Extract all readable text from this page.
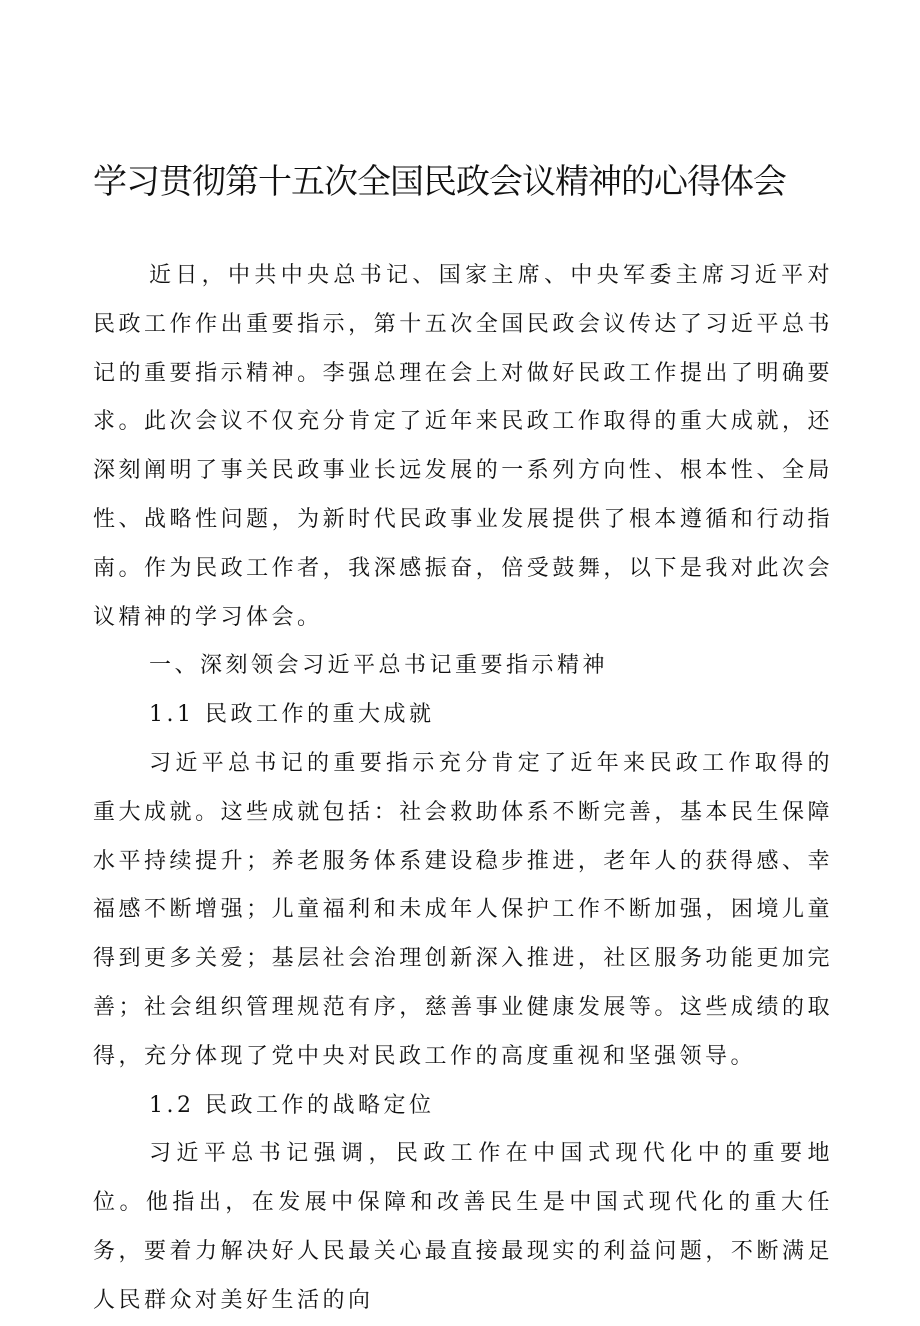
学习贯彻第十五次全国民政会议精神的心得体会

近日，中共中央总书记、国家主席、中央军委主席习近平对民政工作作出重要指示，第十五次全国民政会议传达了习近平总书记的重要指示精神。李强总理在会上对做好民政工作提出了明确要求。此次会议不仅充分肯定了近年来民政工作取得的重大成就，还深刻阐明了事关民政事业长远发展的一系列方向性、根本性、全局性、战略性问题，为新时代民政事业发展提供了根本遵循和行动指南。作为民政工作者，我深感振奋，倍受鼓舞，以下是我对此次会议精神的学习体会。

一、深刻领会习近平总书记重要指示精神

1.1 民政工作的重大成就

习近平总书记的重要指示充分肯定了近年来民政工作取得的重大成就。这些成就包括：社会救助体系不断完善，基本民生保障水平持续提升；养老服务体系建设稳步推进，老年人的获得感、幸福感不断增强；儿童福利和未成年人保护工作不断加强，困境儿童得到更多关爱；基层社会治理创新深入推进，社区服务功能更加完善；社会组织管理规范有序，慈善事业健康发展等。这些成绩的取得，充分体现了党中央对民政工作的高度重视和坚强领导。

1.2 民政工作的战略定位

习近平总书记强调，民政工作在中国式现代化中的重要地位。他指出，在发展中保障和改善民生是中国式现代化的重大任务，要着力解决好人民最关心最直接最现实的利益问题，不断满足人民群众对美好生活的向
